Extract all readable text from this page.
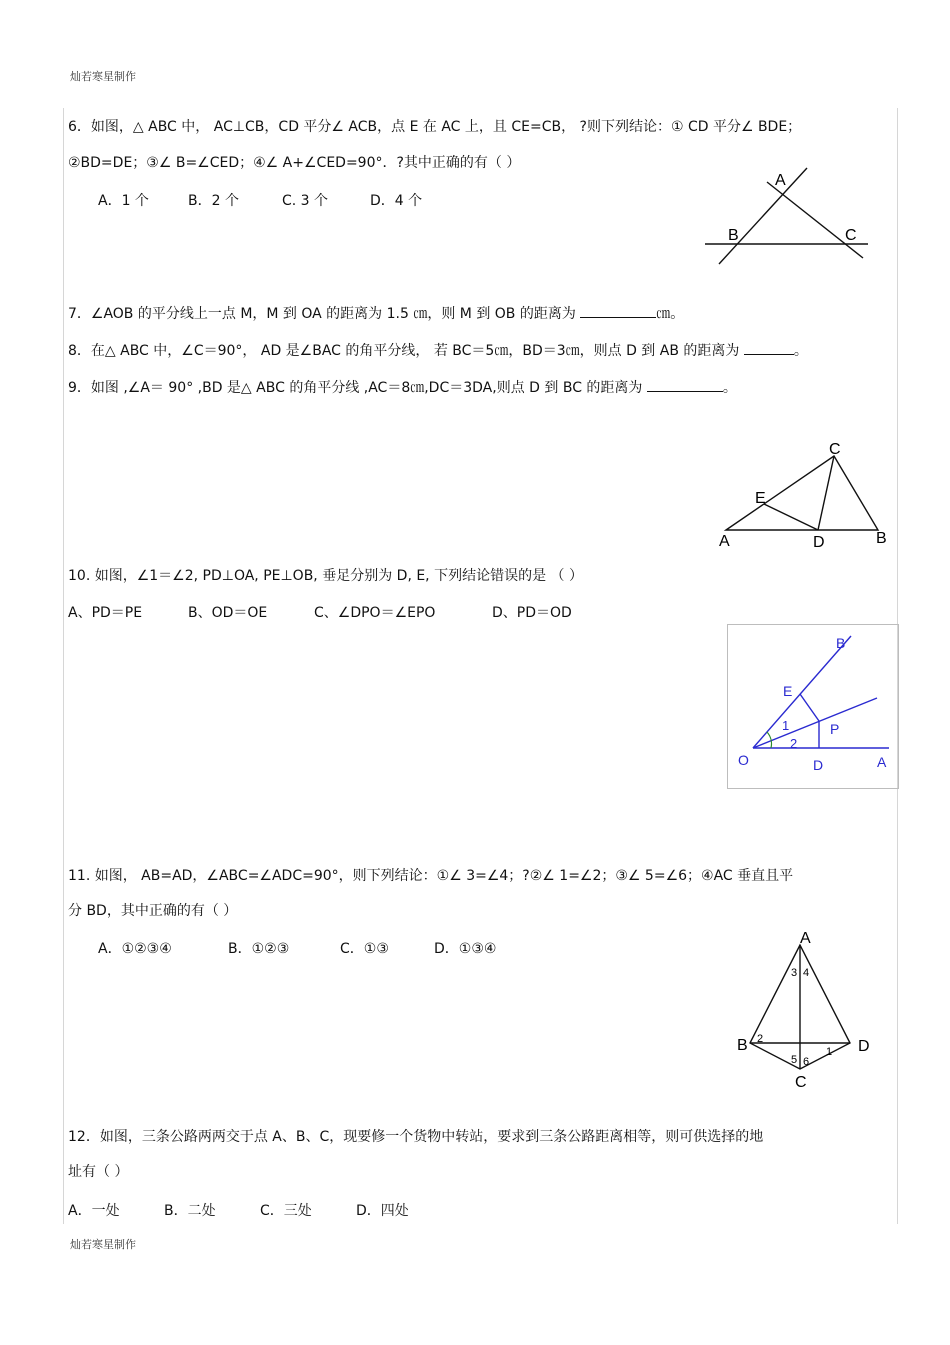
灿若寒星制作
灿若寒星制作
6．如图，△ ABC 中， AC⊥CB，CD 平分∠ ACB，点 E 在 AC 上，且 CE=CB， ?则下列结论：① CD 平分∠ BDE；
②BD=DE；③∠ B=∠CED；④∠ A+∠CED=90°．?其中正确的有（ ）
A．1 个	B．2 个	C. 3 个	D．4 个
A
B	C
7．∠AOB 的平分线上一点 M，M 到 OA 的距离为 1.5 ㎝，则 M 到 OB 的距离为	㎝。
8．在△ ABC 中，∠C＝90°， AD 是∠BAC 的角平分线， 若 BC＝5㎝，BD＝3㎝，则点 D 到 AB 的距离为	。
9．如图 ,∠A＝ 90° ,BD 是△ ABC 的角平分线 ,AC＝8㎝,DC＝3DA,则点 D 到 BC 的距离为	。
C
E
A	D	B
10. 如图，∠1＝∠2, PD⊥OA, PE⊥OB, 垂足分别为 D, E, 下列结论错误的是 （ ）
A、PD＝PE	B、OD＝OE	C、∠DPO＝∠EPO	D、PD＝OD
B
E
1
2
P
O	D	A
11. 如图， AB=AD，∠ABC=∠ADC=90°，则下列结论：①∠ 3=∠4；?②∠ 1=∠2；③∠ 5=∠6；④AC 垂直且平
分 BD，其中正确的有（ ）
A．①②③④	B．①②③	C．①③	D．①③④
A
B	D
C
3 4
2
1
5 6
12．如图，三条公路两两交于点 A、B、C，现要修一个货物中转站，要求到三条公路距离相等，则可供选择的地
址有（ ）
A．一处	B．二处	C．三处	D．四处
